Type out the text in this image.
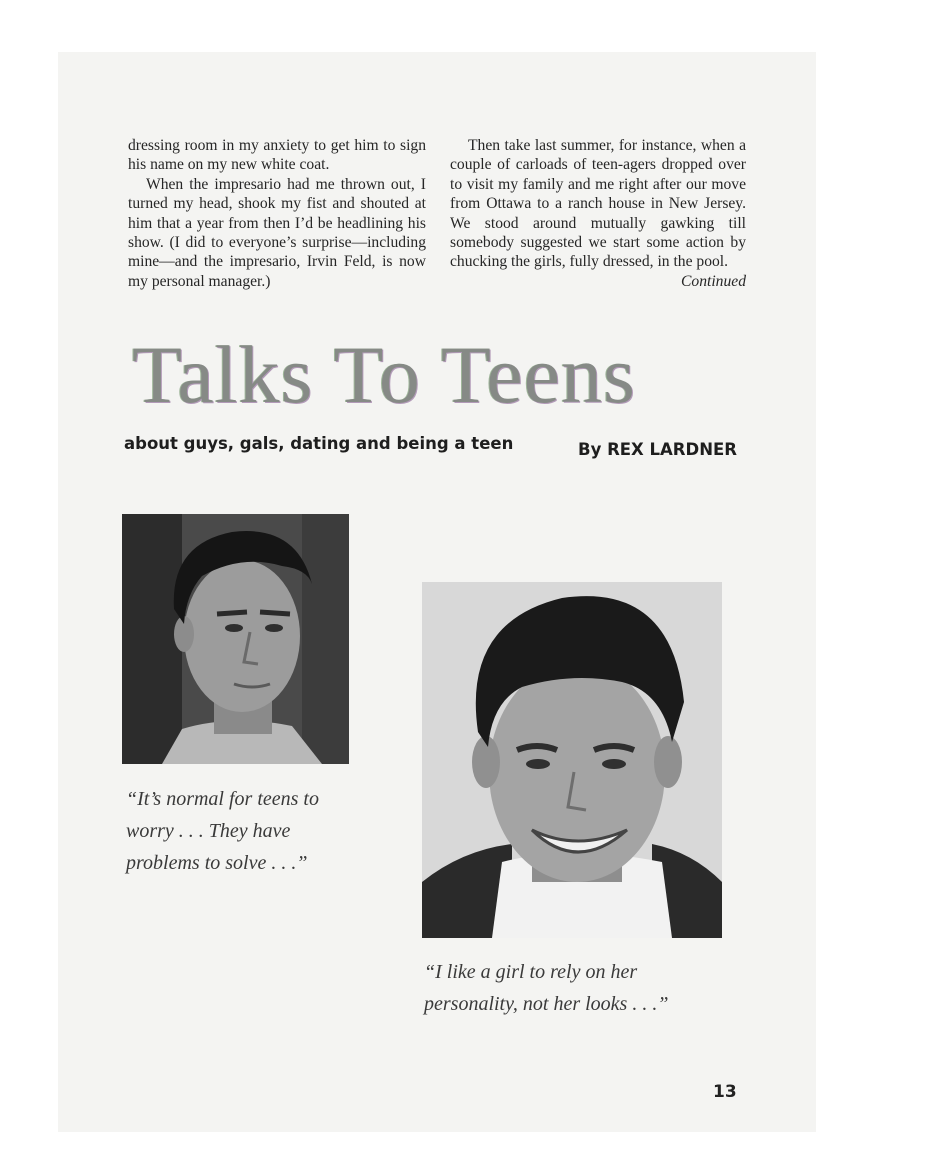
dressing room in my anxiety to get him to sign his name on my new white coat.

When the impresario had me thrown out, I turned my head, shook my fist and shouted at him that a year from then I’d be headlining his show. (I did to everyone’s surprise—including mine—and the impresario, Irvin Feld, is now my personal manager.)

Then take last summer, for instance, when a couple of carloads of teen-agers dropped over to visit my family and me right after our move from Ottawa to a ranch house in New Jersey. We stood around mutually gawking till somebody suggested we start some action by chucking the girls, fully dressed, in the pool.
Continued

Talks To Teens
about guys, gals, dating and being a teen	By REX LARDNER

“It’s normal for teens to worry . . . They have problems to solve . . .”

“I like a girl to rely on her personality, not her looks . . .”

13
